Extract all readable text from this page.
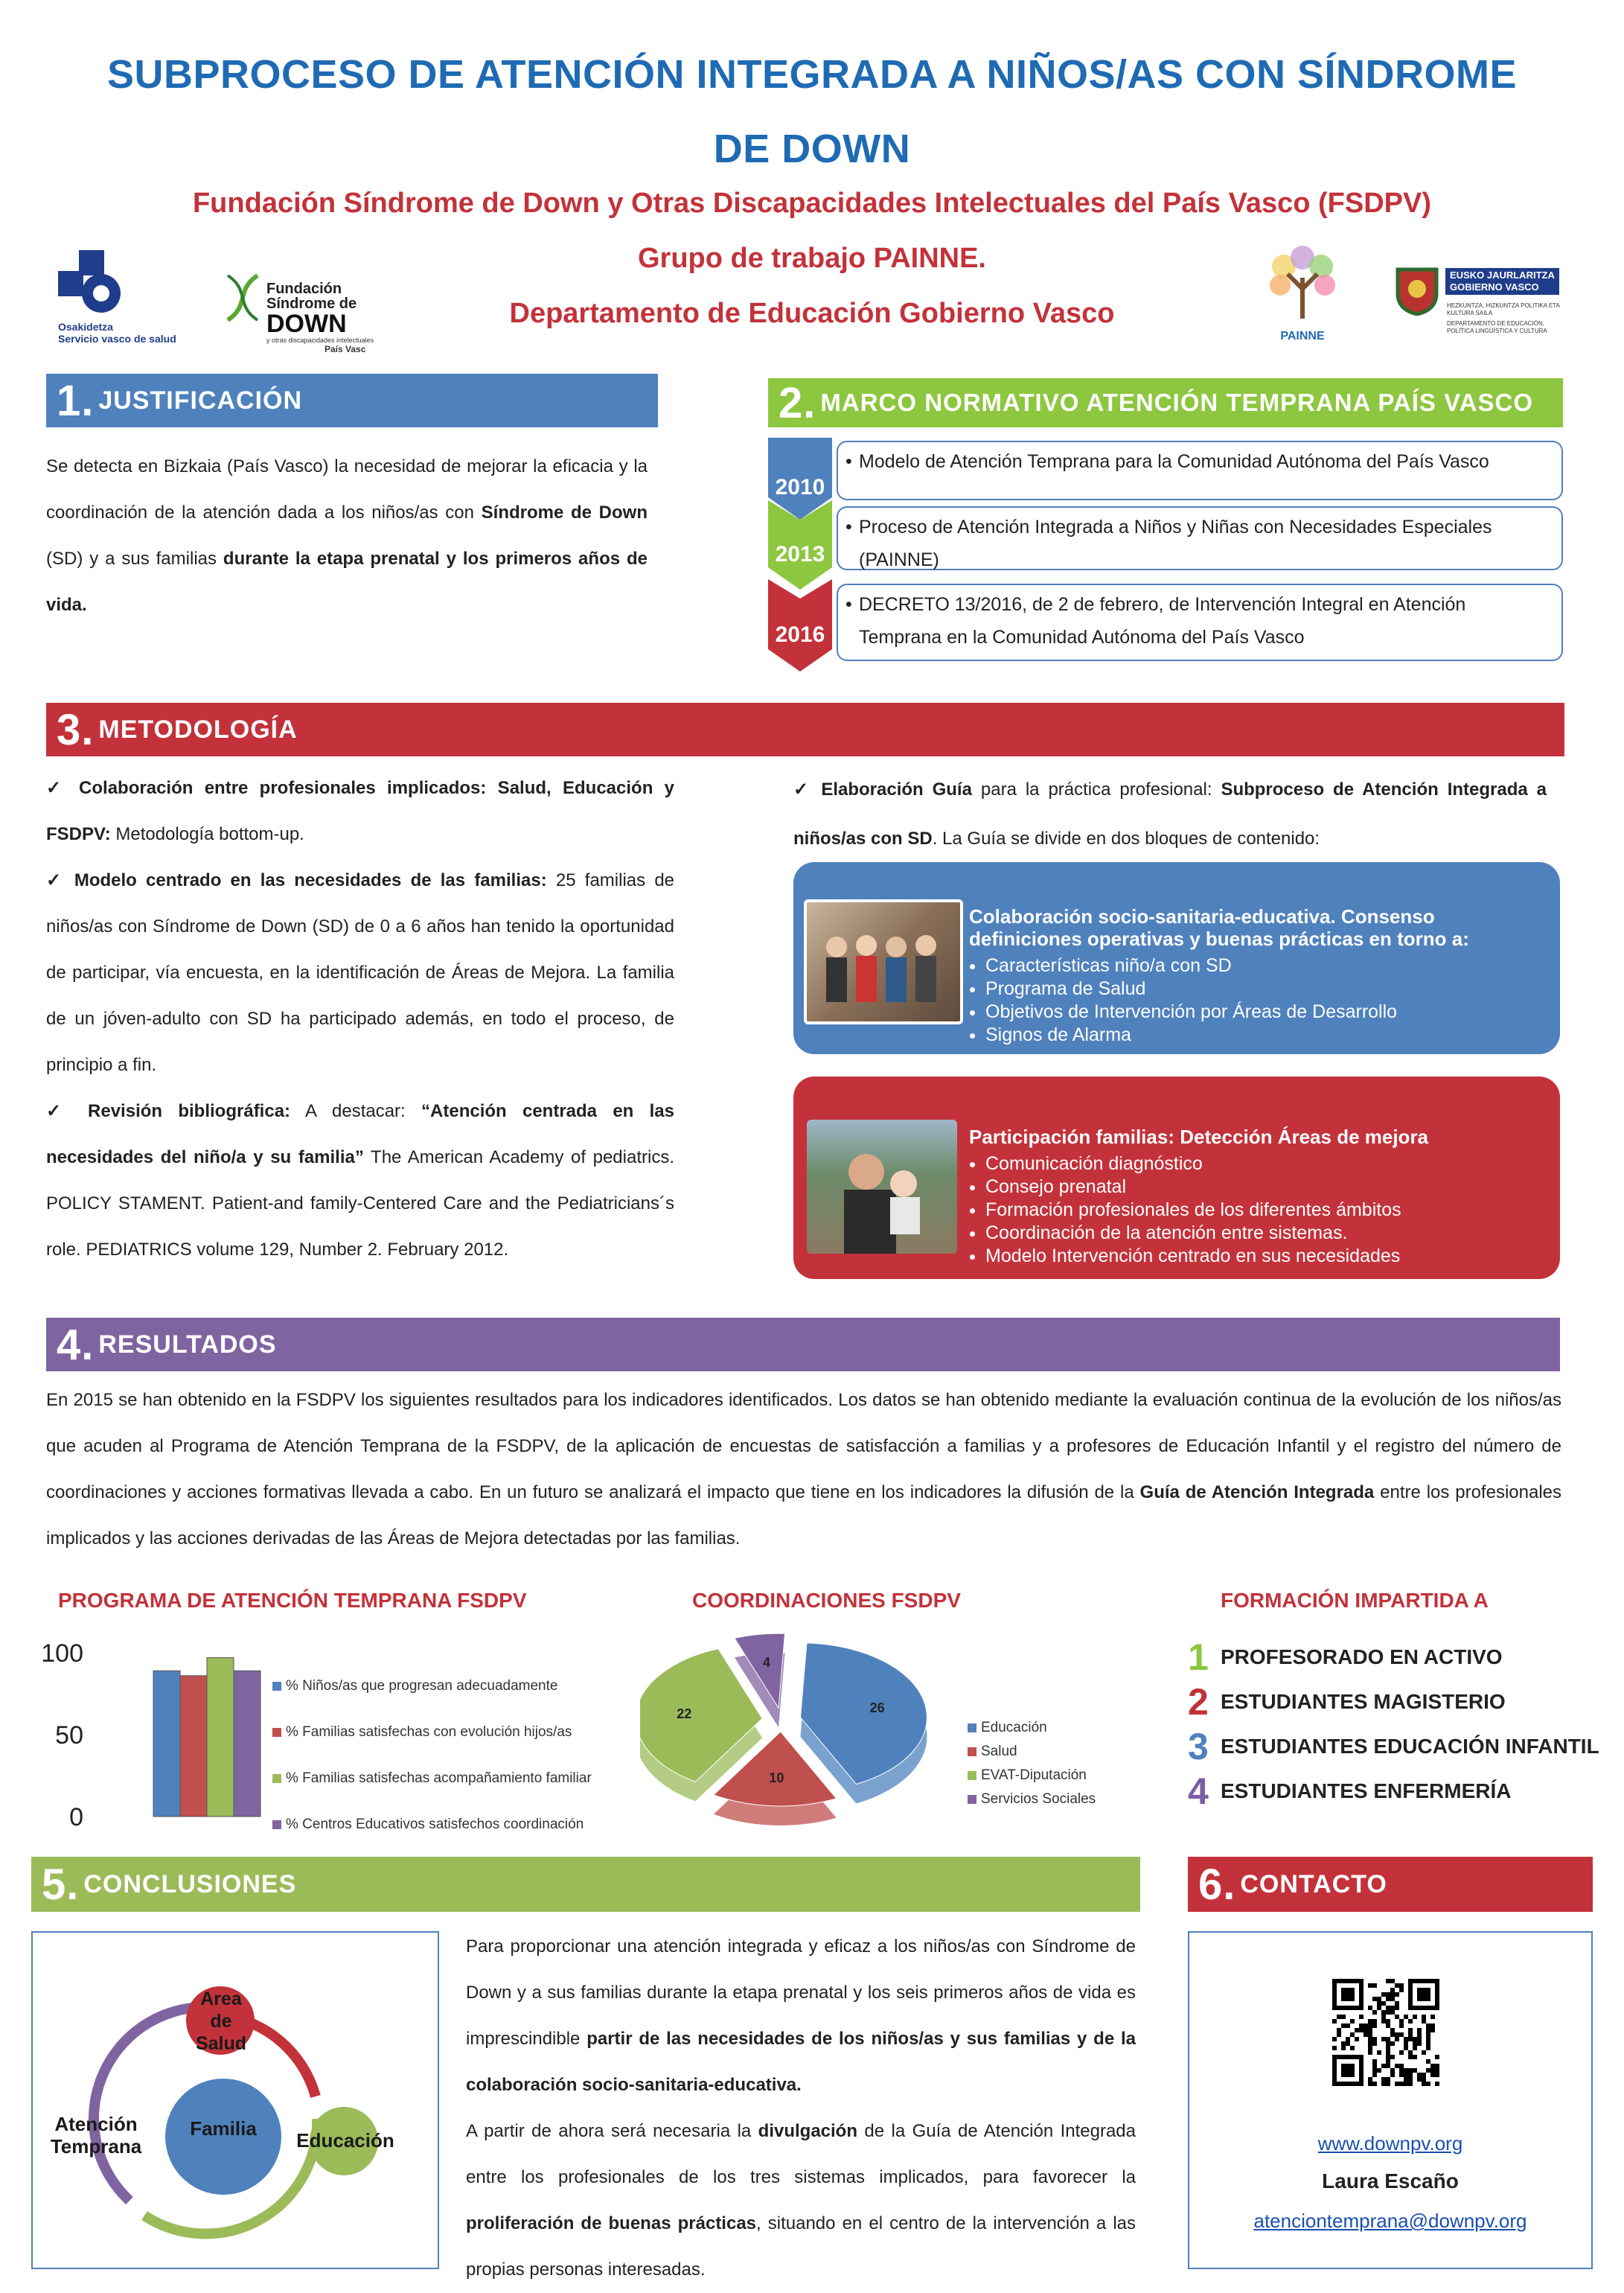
SUBPROCESO DE ATENCIÓN INTEGRADA A NIÑOS/AS CON SÍNDROME
DE DOWN
Fundación Síndrome de Down y Otras Discapacidades Intelectuales del País Vasco (FSDPV)
Grupo de trabajo PAINNE.
Departamento de Educación Gobierno Vasco
Osakidetza
Servicio vasco de salud
Fundación
Síndrome de
DOWN
y otras discapacidades intelectuales
País Vasc
PAINNE
EUSKO JAURLARITZA
GOBIERNO VASCO
HEZKUNTZA, HIZKUNTZA POLITIKA ETA KULTURA SAILA
DEPARTAMENTO DE EDUCACIÓN, POLÍTICA LINGÜÍSTICA Y CULTURA
1. JUSTIFICACIÓN
Se detecta en Bizkaia (País Vasco) la necesidad de mejorar la eficacia y la coordinación de la atención dada a los niños/as con Síndrome de Down (SD) y a sus familias durante la etapa prenatal y los primeros años de vida.
2. MARCO NORMATIVO ATENCIÓN TEMPRANA PAÍS VASCO
2010
• Modelo de Atención Temprana para la Comunidad Autónoma del País Vasco
2013
• Proceso de Atención Integrada a Niños y Niñas con Necesidades Especiales (PAINNE)
2016
• DECRETO 13/2016, de 2 de febrero, de Intervención Integral en Atención Temprana en la Comunidad Autónoma del País Vasco
3. METODOLOGÍA
✓ Colaboración entre profesionales implicados: Salud, Educación y FSDPV: Metodología bottom-up.
✓ Modelo centrado en las necesidades de las familias: 25 familias de niños/as con Síndrome de Down (SD) de 0 a 6 años han tenido la oportunidad de participar, vía encuesta, en la identificación de Áreas de Mejora. La familia de un jóven-adulto con SD ha participado además, en todo el proceso, de principio a fin.
✓ Revisión bibliográfica: A destacar: “Atención centrada en las necesidades del niño/a y su familia” The American Academy of pediatrics. POLICY STAMENT. Patient-and family-Centered Care and the Pediatricians´s role. PEDIATRICS volume 129, Number 2. February 2012.
✓ Elaboración Guía para la práctica profesional: Subproceso de Atención Integrada a niños/as con SD. La Guía se divide en dos bloques de contenido:
Colaboración socio-sanitaria-educativa. Consenso definiciones operativas y buenas prácticas en torno a:
• Características niño/a con SD
• Programa de Salud
• Objetivos de Intervención por Áreas de Desarrollo
• Signos de Alarma
Participación familias: Detección Áreas de mejora
• Comunicación diagnóstico
• Consejo prenatal
• Formación profesionales de los diferentes ámbitos
• Coordinación de la atención entre sistemas.
• Modelo Intervención centrado en sus necesidades
4. RESULTADOS
En 2015 se han obtenido en la FSDPV los siguientes resultados para los indicadores identificados. Los datos se han obtenido mediante la evaluación continua de la evolución de los niños/as que acuden al Programa de Atención Temprana de la FSDPV, de la aplicación de encuestas de satisfacción a familias y a profesores de Educación Infantil y el registro del número de coordinaciones y acciones formativas llevada a cabo. En un futuro se analizará el impacto que tiene en los indicadores la difusión de la Guía de Atención Integrada entre los profesionales implicados y las acciones derivadas de las Áreas de Mejora detectadas por las familias.
PROGRAMA DE ATENCIÓN TEMPRANA FSDPV
100
50
0
% Niños/as que progresan adecuadamente
% Familias satisfechas con evolución hijos/as
% Familias satisfechas acompañamiento familiar
% Centros Educativos satisfechos coordinación
COORDINACIONES FSDPV
26
10
22
4
Educación
Salud
EVAT-Diputación
Servicios Sociales
FORMACIÓN IMPARTIDA A
1 PROFESORADO EN ACTIVO
2 ESTUDIANTES MAGISTERIO
3 ESTUDIANTES EDUCACIÓN INFANTIL
4 ESTUDIANTES ENFERMERÍA
5. CONCLUSIONES
Familia
Area de Salud
Educación
Atención Temprana
Para proporcionar una atención integrada y eficaz a los niños/as con Síndrome de Down y a sus familias durante la etapa prenatal y los seis primeros años de vida es imprescindible partir de las necesidades de los niños/as y sus familias y de la colaboración socio-sanitaria-educativa.
A partir de ahora será necesaria la divulgación de la Guía de Atención Integrada entre los profesionales de los tres sistemas implicados, para favorecer la proliferación de buenas prácticas, situando en el centro de la intervención a las propias personas interesadas.
6. CONTACTO
www.downpv.org
Laura Escaño
atenciontemprana@downpv.org
